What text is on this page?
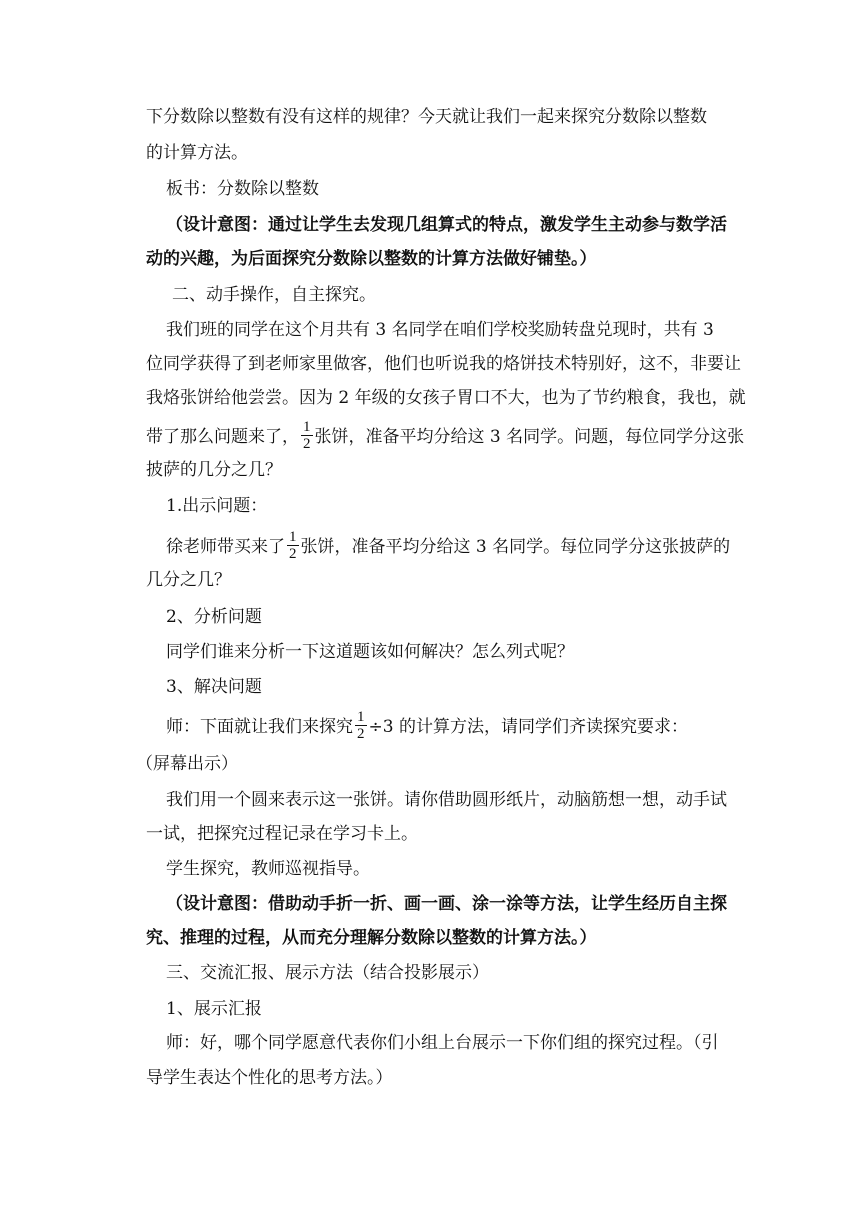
下分数除以整数有没有这样的规律？今天就让我们一起来探究分数除以整数
的计算方法。
板书：分数除以整数
（设计意图：通过让学生去发现几组算式的特点，激发学生主动参与数学活
动的兴趣，为后面探究分数除以整数的计算方法做好铺垫。）
二、动手操作，自主探究。
我们班的同学在这个月共有 3 名同学在咱们学校奖励转盘兑现时，共有 3
位同学获得了到老师家里做客，他们也听说我的烙饼技术特别好，这不，非要让
我烙张饼给他尝尝。因为 2 年级的女孩子胃口不大，也为了节约粮食，我也，就
带了那么问题来了， $\frac{1}{2}$ 张饼，准备平均分给这 3 名同学。问题，每位同学分这张
披萨的几分之几？
1.出示问题：
徐老师带买来了 $\frac{1}{2}$ 张饼，准备平均分给这 3 名同学。每位同学分这张披萨的
几分之几？
2、分析问题
同学们谁来分析一下这道题该如何解决？怎么列式呢？
3、解决问题
师：下面就让我们来探究 $\frac{1}{2} \div 3$ 的计算方法，请同学们齐读探究要求：
（屏幕出示）
我们用一个圆来表示这一张饼。请你借助圆形纸片，动脑筋想一想，动手试
一试，把探究过程记录在学习卡上。
学生探究，教师巡视指导。
（设计意图：借助动手折一折、画一画、涂一涂等方法，让学生经历自主探
究、推理的过程，从而充分理解分数除以整数的计算方法。）
三、交流汇报、展示方法（结合投影展示）
1、展示汇报
师：好，哪个同学愿意代表你们小组上台展示一下你们组的探究过程。（引
导学生表达个性化的思考方法。）
